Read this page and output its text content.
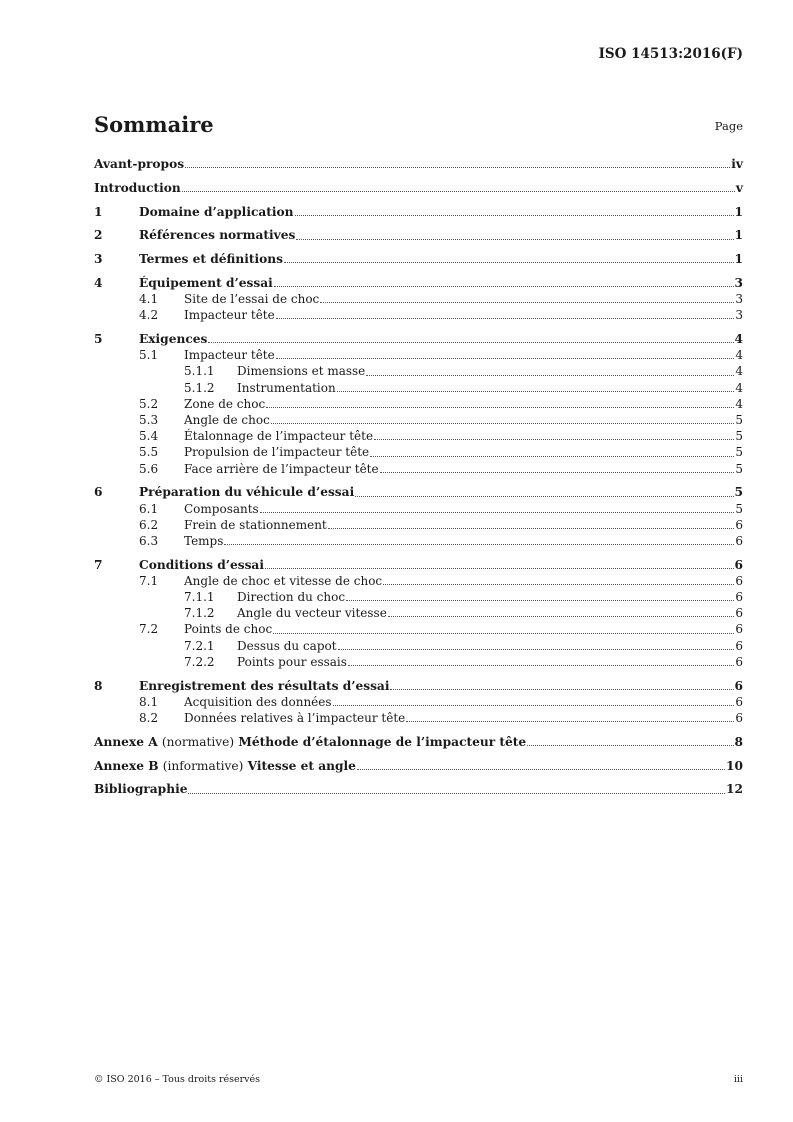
ISO 14513:2016(F)
Sommaire	Page
Avant-propos	iv
Introduction	v
1	Domaine d’application	1
2	Références normatives	1
3	Termes et définitions	1
4	Équipement d’essai	3
4.1 Site de l’essai de choc	3
4.2 Impacteur tête	3
5	Exigences	4
5.1 Impacteur tête	4
5.1.1 Dimensions et masse	4
5.1.2 Instrumentation	4
5.2 Zone de choc	4
5.3 Angle de choc	5
5.4 Étalonnage de l’impacteur tête	5
5.5 Propulsion de l’impacteur tête	5
5.6 Face arrière de l’impacteur tête	5
6	Préparation du véhicule d’essai	5
6.1 Composants	5
6.2 Frein de stationnement	6
6.3 Temps	6
7	Conditions d’essai	6
7.1 Angle de choc et vitesse de choc	6
7.1.1 Direction du choc	6
7.1.2 Angle du vecteur vitesse	6
7.2 Points de choc	6
7.2.1 Dessus du capot	6
7.2.2 Points pour essais	6
8	Enregistrement des résultats d’essai	6
8.1 Acquisition des données	6
8.2 Données relatives à l’impacteur tête	6
Annexe A (normative) Méthode d’étalonnage de l’impacteur tête	8
Annexe B (informative) Vitesse et angle	10
Bibliographie	12
© ISO 2016 – Tous droits réservés	iii
